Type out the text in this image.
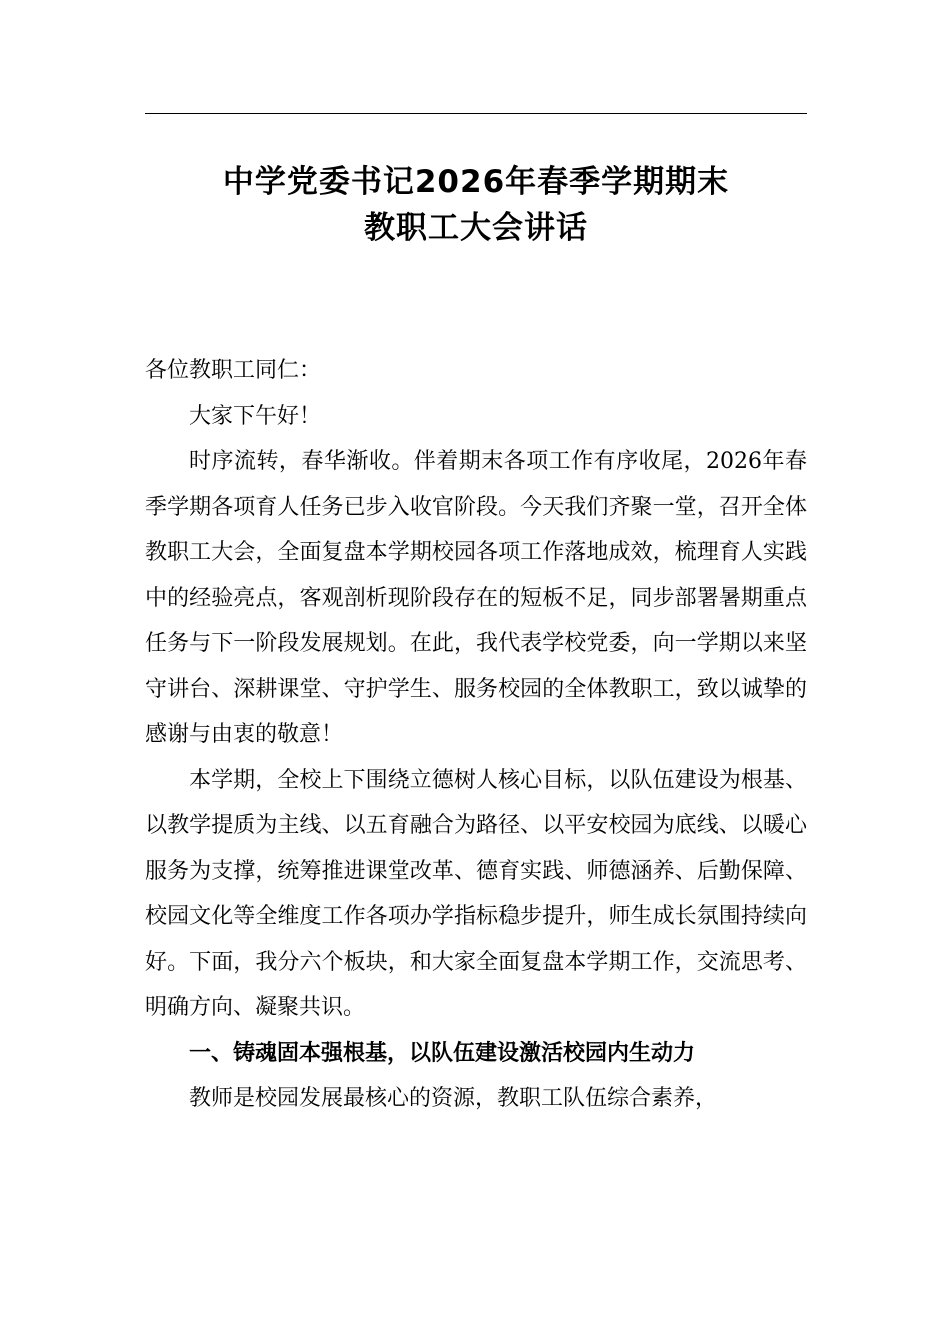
中学党委书记2026年春季学期期末
教职工大会讲话

各位教职工同仁：

大家下午好！

时序流转，春华渐收。伴着期末各项工作有序收尾，2026年春季学期各项育人任务已步入收官阶段。今天我们齐聚一堂，召开全体教职工大会，全面复盘本学期校园各项工作落地成效，梳理育人实践中的经验亮点，客观剖析现阶段存在的短板不足，同步部署暑期重点任务与下一阶段发展规划。在此，我代表学校党委，向一学期以来坚守讲台、深耕课堂、守护学生、服务校园的全体教职工，致以诚挚的感谢与由衷的敬意！

本学期，全校上下围绕立德树人核心目标，以队伍建设为根基、以教学提质为主线、以五育融合为路径、以平安校园为底线、以暖心服务为支撑，统筹推进课堂改革、德育实践、师德涵养、后勤保障、校园文化等全维度工作各项办学指标稳步提升，师生成长氛围持续向好。下面，我分六个板块，和大家全面复盘本学期工作，交流思考、明确方向、凝聚共识。

一、铸魂固本强根基，以队伍建设激活校园内生动力

教师是校园发展最核心的资源，教职工队伍综合素养，
